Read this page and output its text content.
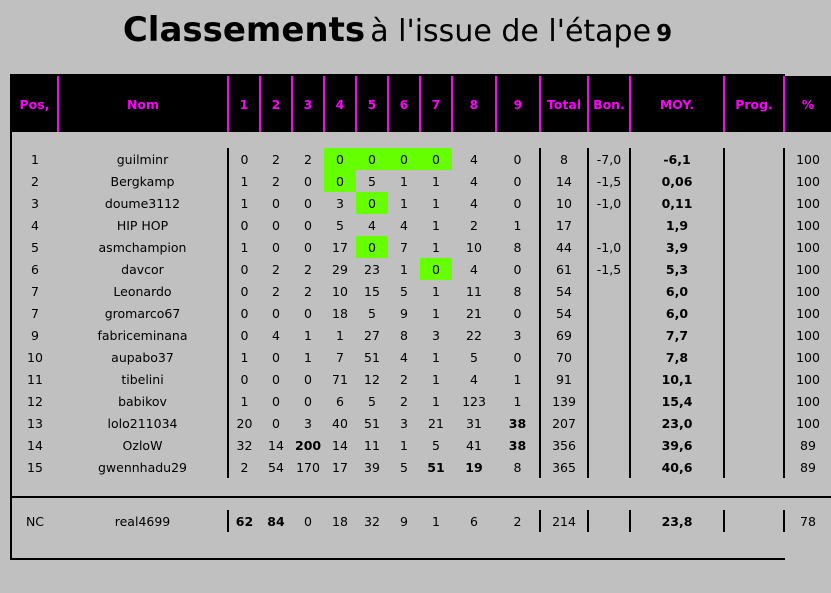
Classements à l'issue de l'étape 9
Pos,	Nom	1	2	3	4	5	6	7	8	9	Total	Bon.	MOY.	Prog.	%

1	guilminr	0	2	2	0	0	0	0	4	0	8	-7,0	-6,1		100
2	Bergkamp	1	2	0	0	5	1	1	4	0	14	-1,5	0,06		100
3	doume3112	1	0	0	3	0	1	1	4	0	10	-1,0	0,11		100
4	HIP HOP	0	0	0	5	4	4	1	2	1	17		1,9		100
5	asmchampion	1	0	0	17	0	7	1	10	8	44	-1,0	3,9		100
6	davcor	0	2	2	29	23	1	0	4	0	61	-1,5	5,3		100
7	Leonardo	0	2	2	10	15	5	1	11	8	54		6,0		100
7	gromarco67	0	0	0	18	5	9	1	21	0	54		6,0		100
9	fabriceminana	0	4	1	1	27	8	3	22	3	69		7,7		100
10	aupabo37	1	0	1	7	51	4	1	5	0	70		7,8		100
11	tibelini	0	0	0	71	12	2	1	4	1	91		10,1		100
12	babikov	1	0	0	6	5	2	1	123	1	139		15,4		100
13	lolo211034	20	0	3	40	51	3	21	31	38	207		23,0		100
14	OzloW	32	14	200	14	11	1	5	41	38	356		39,6		89
15	gwennhadu29	2	54	170	17	39	5	51	19	8	365		40,6		89

NC	real4699	62	84	0	18	32	9	1	6	2	214		23,8		78
